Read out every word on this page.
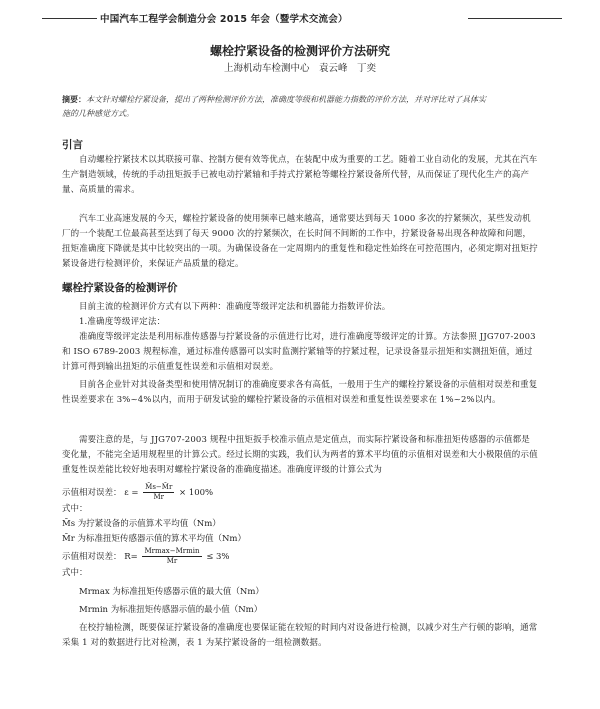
中国汽车工程学会制造分会 2015 年会（暨学术交流会）
螺栓拧紧设备的检测评价方法研究
上海机动车检测中心　袁云峰　丁奕
摘要：本文针对螺栓拧紧设备，提出了两种检测评价方法，准确度等级和机器能力指数的评价方法，并对评比对了具体实
施的几种感觉方式。
引言
自动螺栓拧紧技术以其联接可靠、控制方便有效等优点，在装配中成为重要的工艺。随着工业自动化的发展，尤其在汽车生产制造领域，传统的手动扭矩扳手已被电动拧紧轴和手持式拧紧枪等螺栓拧紧设备所代替，从而保证了现代化生产的高产量、高质量的需求。
汽车工业高速发展的今天，螺栓拧紧设备的使用频率已越来越高，通常要达到每天 1000 多次的拧紧频次，某些发动机厂的一个装配工位最高甚至达到了每天 9000 次的拧紧频次，在长时间不间断的工作中，拧紧设备易出现各种故障和问题，扭矩准确度下降就是其中比较突出的一项。为确保设备在一定周期内的重复性和稳定性始终在可控范围内，必须定期对扭矩拧紧设备进行检测评价，来保证产品质量的稳定。
螺栓拧紧设备的检测评价
目前主流的检测评价方式有以下两种：准确度等级评定法和机器能力指数评价法。
1.准确度等级评定法：
准确度等级评定法是利用标准传感器与拧紧设备的示值进行比对，进行准确度等级评定的计算。方法参照 JJG707-2003 和 ISO 6789-2003 规程标准，通过标准传感器可以实时监测拧紧轴等的拧紧过程，记录设备显示扭矩和实测扭矩值，通过计算可得到输出扭矩的示值重复性误差和示值相对误差。
目前各企业针对其设备类型和使用情况制订的准确度要求各有高低，一般用于生产的螺栓拧紧设备的示值相对误差和重复性误差要求在 3%~4%以内，而用于研发试验的螺栓拧紧设备的示值相对误差和重复性误差要求在 1%~2%以内。
需要注意的是，与 JJG707-2003 规程中扭矩扳手校准示值点是定值点，而实际拧紧设备和标准扭矩传感器的示值都是变化量，不能完全适用规程里的计算公式。经过长期的实践，我们认为两者的算术平均值的示值相对误差和大小极限值的示值重复性误差能比较好地表明对螺栓拧紧设备的准确度描述。准确度评级的计算公式为
示值相对误差： $\varepsilon = \frac{M̄s-M̄r}{M̄r} \times 100\%$
式中：
M̄s 为拧紧设备的示值算术平均值（Nm）
M̄r 为标准扭矩传感器示值的算术平均值（Nm）
示值相对误差： $R= \frac{Mrmax-Mrmin}{M̄r} \le 3\%$
式中：
Mrmax 为标准扭矩传感器示值的最大值（Nm）
Mrmin 为标准扭矩传感器示值的最小值（Nm）
在校拧轴检测，既要保证拧紧设备的准确度也要保证能在较短的时间内对设备进行检测，以减少对生产行顿的影响，通常采集 1 对的数据进行比对检测，表 1 为某拧紧设备的一组检测数据。
